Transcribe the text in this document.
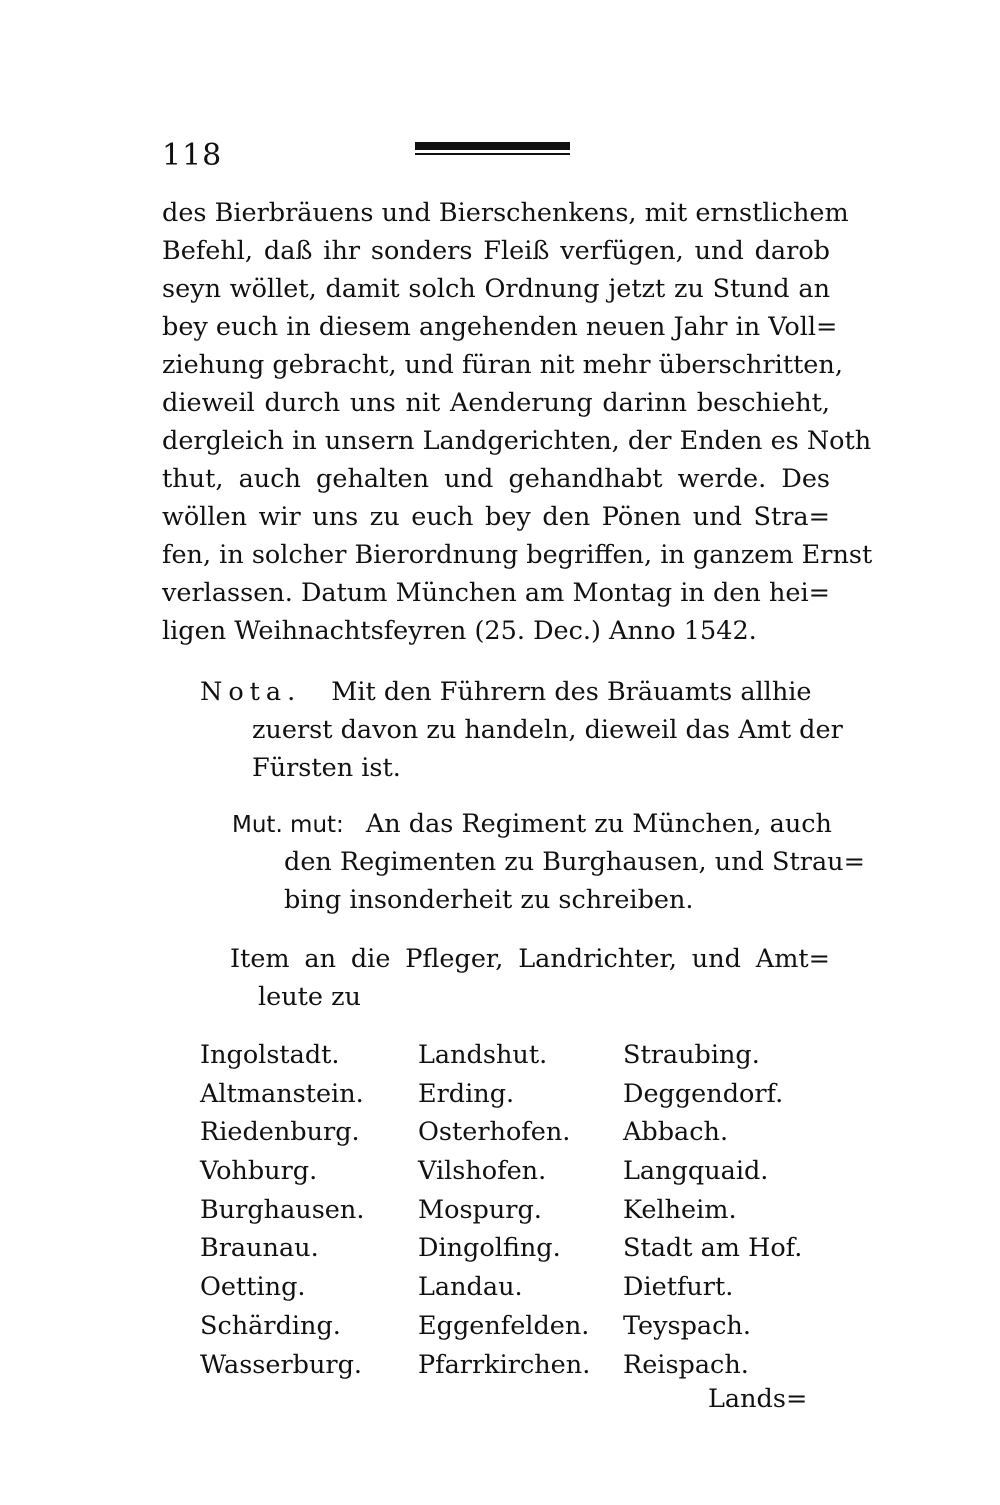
118
des Bierbräuens und Bierschenkens, mit ernstlichem
Befehl, daß ihr sonders Fleiß verfügen, und darob
seyn wöllet, damit solch Ordnung jetzt zu Stund an
bey euch in diesem angehenden neuen Jahr in Voll=
ziehung gebracht, und füran nit mehr überschritten,
dieweil durch uns nit Aenderung darinn beschieht,
dergleich in unsern Landgerichten, der Enden es Noth
thut, auch gehalten und gehandhabt werde. Des
wöllen wir uns zu euch bey den Pönen und Stra=
fen, in solcher Bierordnung begriffen, in ganzem Ernst
verlassen. Datum München am Montag in den hei=
ligen Weihnachtsfeyren (25. Dec.) Anno 1542.
Nota. Mit den Führern des Bräuamts allhie
zuerst davon zu handeln, dieweil das Amt der
Fürsten ist.
Mut. mut: An das Regiment zu München, auch
den Regimenten zu Burghausen, und Strau=
bing insonderheit zu schreiben.
Item an die Pfleger, Landrichter, und Amt=
leute zu
Ingolstadt.
Altmanstein.
Riedenburg.
Vohburg.
Burghausen.
Braunau.
Oetting.
Schärding.
Wasserburg.
Landshut.
Erding.
Osterhofen.
Vilshofen.
Mospurg.
Dingolfing.
Landau.
Eggenfelden.
Pfarrkirchen.
Straubing.
Deggendorf.
Abbach.
Langquaid.
Kelheim.
Stadt am Hof.
Dietfurt.
Teyspach.
Reispach.
Lands=
